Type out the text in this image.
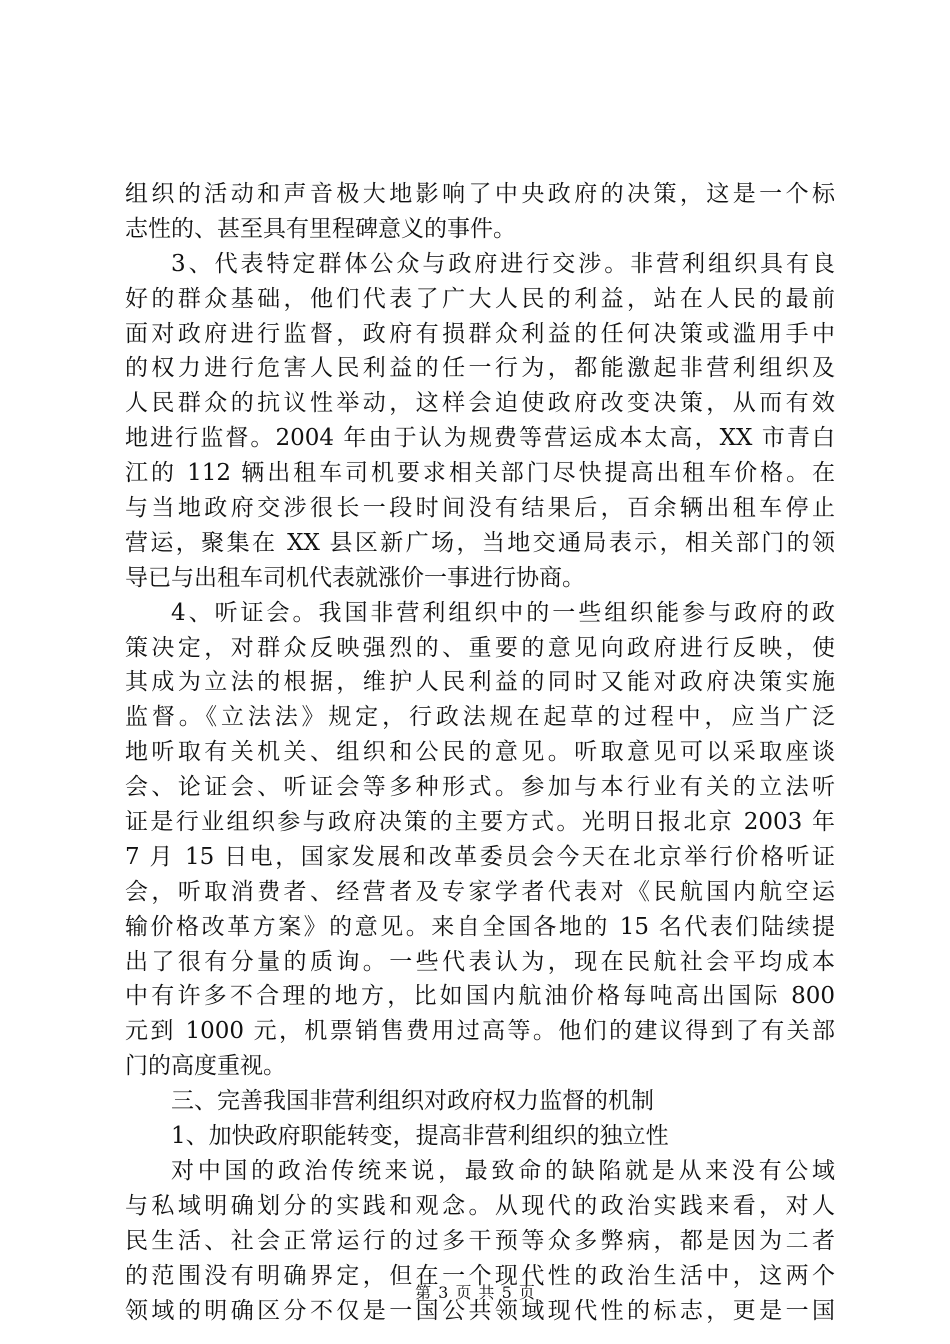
组织的活动和声音极大地影响了中央政府的决策，这是一个标
志性的、甚至具有里程碑意义的事件。
3、代表特定群体公众与政府进行交涉。非营利组织具有良
好的群众基础，他们代表了广大人民的利益，站在人民的最前
面对政府进行监督，政府有损群众利益的任何决策或滥用手中
的权力进行危害人民利益的任一行为，都能激起非营利组织及
人民群众的抗议性举动，这样会迫使政府改变决策，从而有效
地进行监督。2004 年由于认为规费等营运成本太高，XX 市青白
江的 112 辆出租车司机要求相关部门尽快提高出租车价格。在
与当地政府交涉很长一段时间没有结果后，百余辆出租车停止
营运，聚集在 XX 县区新广场，当地交通局表示，相关部门的领
导已与出租车司机代表就涨价一事进行协商。
4、听证会。我国非营利组织中的一些组织能参与政府的政
策决定，对群众反映强烈的、重要的意见向政府进行反映，使
其成为立法的根据，维护人民利益的同时又能对政府决策实施
监督。《立法法》规定，行政法规在起草的过程中，应当广泛
地听取有关机关、组织和公民的意见。听取意见可以采取座谈
会、论证会、听证会等多种形式。参加与本行业有关的立法听
证是行业组织参与政府决策的主要方式。光明日报北京 2003 年
7 月 15 日电，国家发展和改革委员会今天在北京举行价格听证
会，听取消费者、经营者及专家学者代表对《民航国内航空运
输价格改革方案》的意见。来自全国各地的 15 名代表们陆续提
出了很有分量的质询。一些代表认为，现在民航社会平均成本
中有许多不合理的地方，比如国内航油价格每吨高出国际 800
元到 1000 元，机票销售费用过高等。他们的建议得到了有关部
门的高度重视。
三、完善我国非营利组织对政府权力监督的机制
1、加快政府职能转变，提高非营利组织的独立性
对中国的政治传统来说，最致命的缺陷就是从来没有公域
与私域明确划分的实践和观念。从现代的政治实践来看，对人
民生活、社会正常运行的过多干预等众多弊病，都是因为二者
的范围没有明确界定，但在一个现代性的政治生活中，这两个
领域的明确区分不仅是一国公共领域现代性的标志，更是一国
第 3 页 共 5 页
